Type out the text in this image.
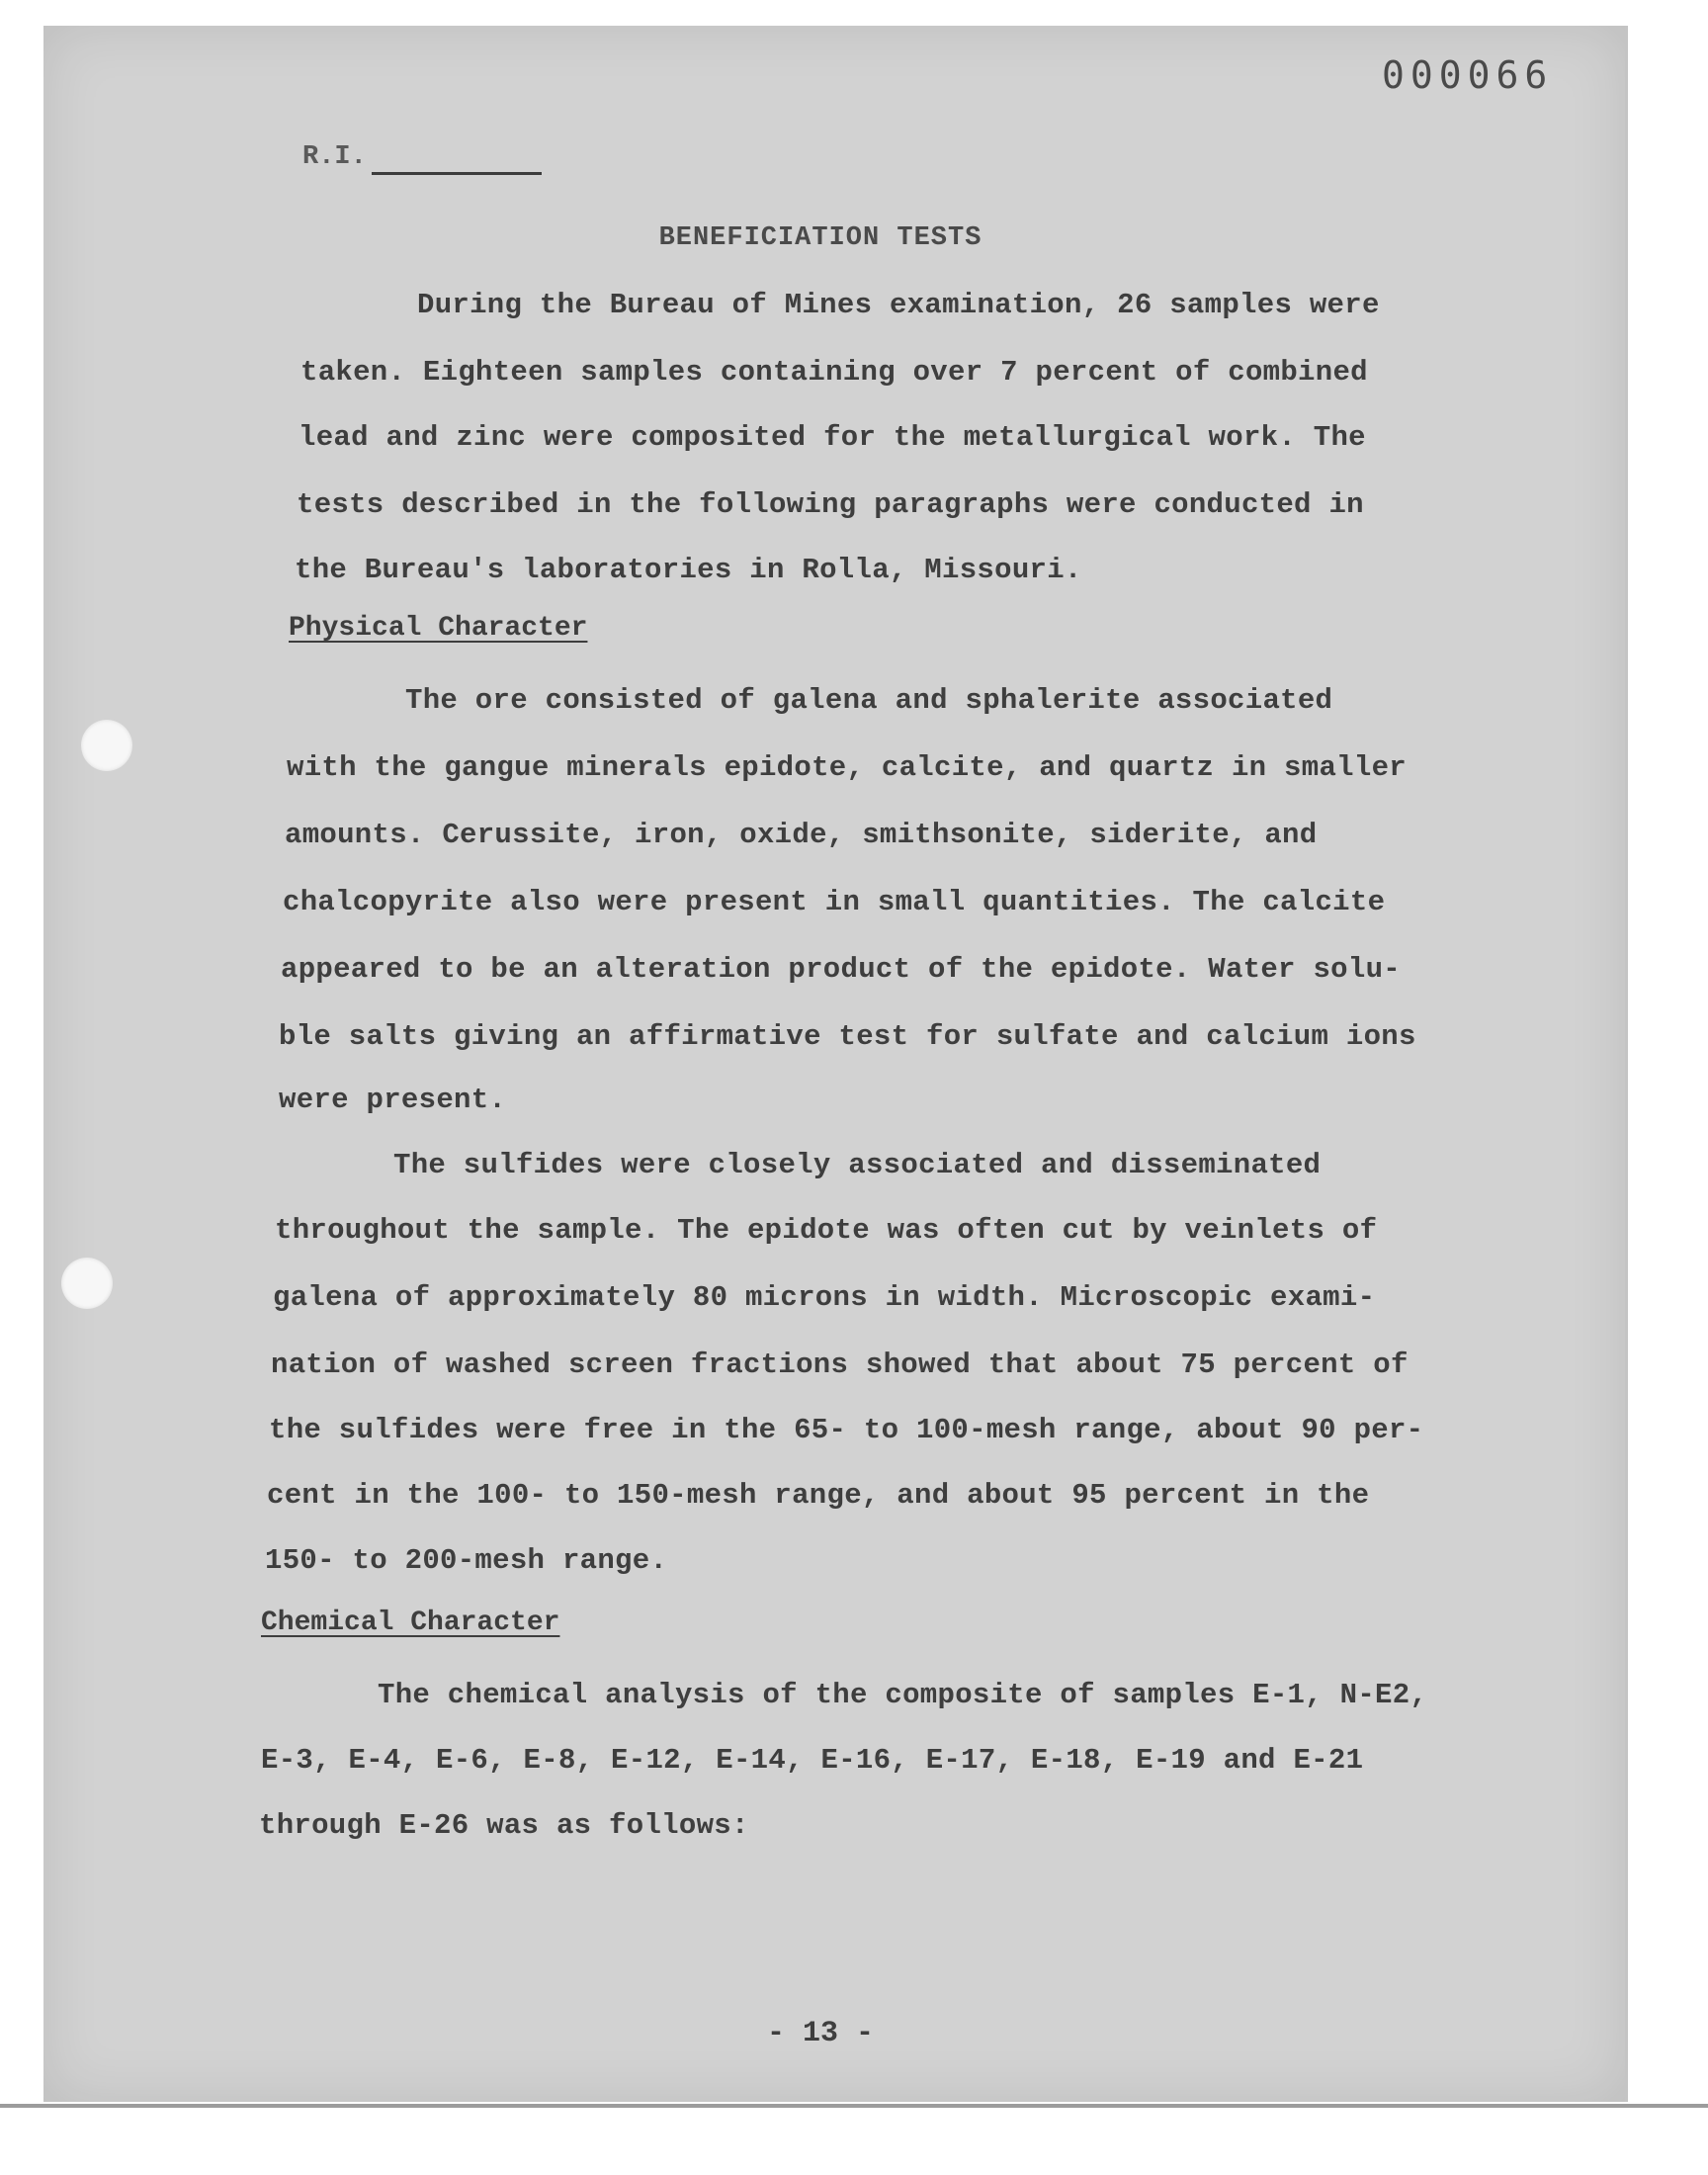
000066
R.I.
BENEFICIATION TESTS
During the Bureau of Mines examination, 26 samples were
taken. Eighteen samples containing over 7 percent of combined
lead and zinc were composited for the metallurgical work. The
tests described in the following paragraphs were conducted in
the Bureau's laboratories in Rolla, Missouri.
Physical Character
The ore consisted of galena and sphalerite associated
with the gangue minerals epidote, calcite, and quartz in smaller
amounts. Cerussite, iron, oxide, smithsonite, siderite, and
chalcopyrite also were present in small quantities. The calcite
appeared to be an alteration product of the epidote. Water solu-
ble salts giving an affirmative test for sulfate and calcium ions
were present.
The sulfides were closely associated and disseminated
throughout the sample. The epidote was often cut by veinlets of
galena of approximately 80 microns in width. Microscopic exami-
nation of washed screen fractions showed that about 75 percent of
the sulfides were free in the 65- to 100-mesh range, about 90 per-
cent in the 100- to 150-mesh range, and about 95 percent in the
150- to 200-mesh range.
Chemical Character
The chemical analysis of the composite of samples E-1, N-E2,
E-3, E-4, E-6, E-8, E-12, E-14, E-16, E-17, E-18, E-19 and E-21
through E-26 was as follows:
- 13 -
